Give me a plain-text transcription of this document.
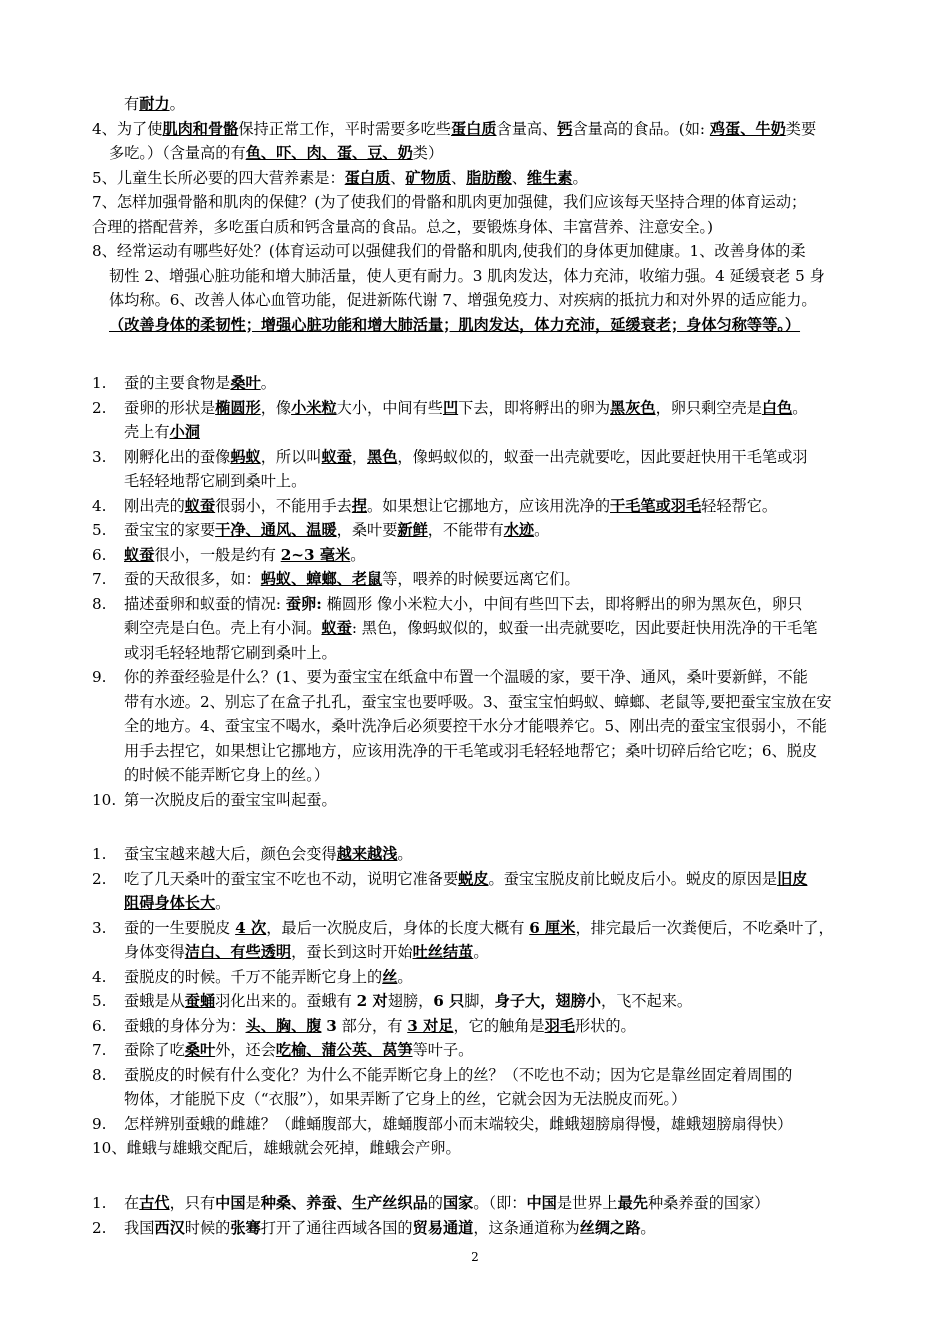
有耐力。
4、为了使肌肉和骨骼保持正常工作，平时需要多吃些蛋白质含量高、钙含量高的食品。(如: 鸡蛋、牛奶类要
多吃。）（含量高的有鱼、吓、肉、蛋、豆、奶类）
5、儿童生长所必要的四大营养素是：蛋白质、矿物质、脂肪酸、维生素。
7、怎样加强骨骼和肌肉的保健？(为了使我们的骨骼和肌肉更加强健，我们应该每天坚持合理的体育运动；
合理的搭配营养，多吃蛋白质和钙含量高的食品。总之，要锻炼身体、丰富营养、注意安全。)
8、经常运动有哪些好处？(体育运动可以强健我们的骨骼和肌肉,使我们的身体更加健康。1、改善身体的柔
韧性 2、增强心脏功能和增大肺活量，使人更有耐力。3 肌肉发达，体力充沛，收缩力强。4 延缓衰老 5 身
体均称。6、改善人体心血管功能，促进新陈代谢 7、增强免疫力、对疾病的抵抗力和对外界的适应能力。
（改善身体的柔韧性；增强心脏功能和增大肺活量；肌肉发达，体力充沛，延缓衰老；身体匀称等等。）
1.	蚕的主要食物是桑叶。
2.	蚕卵的形状是椭圆形，像小米粒大小，中间有些凹下去，即将孵出的卵为黑灰色，卵只剩空壳是白色。
壳上有小洞
3.	刚孵化出的蚕像蚂蚁，所以叫蚁蚕，黑色，像蚂蚁似的，蚁蚕一出壳就要吃，因此要赶快用干毛笔或羽
毛轻轻地帮它刷到桑叶上。
4.	刚出壳的蚁蚕很弱小，不能用手去捏。如果想让它挪地方，应该用洗净的干毛笔或羽毛轻轻帮它。
5.	蚕宝宝的家要干净、通风、温暖，桑叶要新鲜，不能带有水迹。
6.	蚁蚕很小，一般是约有 2~3 毫米。
7.	蚕的天敌很多，如：蚂蚁、蟑螂、老鼠等，喂养的时候要远离它们。
8.	描述蚕卵和蚁蚕的情况: 蚕卵: 椭圆形 像小米粒大小，中间有些凹下去，即将孵出的卵为黑灰色，卵只
剩空壳是白色。壳上有小洞。蚁蚕: 黑色，像蚂蚁似的，蚁蚕一出壳就要吃，因此要赶快用洗净的干毛笔
或羽毛轻轻地帮它刷到桑叶上。
9.	你的养蚕经验是什么？(1、要为蚕宝宝在纸盒中布置一个温暖的家，要干净、通风，桑叶要新鲜，不能
带有水迹。2、别忘了在盒子扎孔，蚕宝宝也要呼吸。3、蚕宝宝怕蚂蚁、蟑螂、老鼠等,要把蚕宝宝放在安
全的地方。4、蚕宝宝不喝水，桑叶洗净后必须要控干水分才能喂养它。5、刚出壳的蚕宝宝很弱小，不能
用手去捏它，如果想让它挪地方，应该用洗净的干毛笔或羽毛轻轻地帮它；桑叶切碎后给它吃；6、脱皮
的时候不能弄断它身上的丝。）
10. 第一次脱皮后的蚕宝宝叫起蚕。
1.	蚕宝宝越来越大后，颜色会变得越来越浅。
2.	吃了几天桑叶的蚕宝宝不吃也不动，说明它准备要蜕皮。蚕宝宝脱皮前比蜕皮后小。蜕皮的原因是旧皮
阻碍身体长大。
3.	蚕的一生要脱皮 4 次，最后一次脱皮后，身体的长度大概有 6 厘米，排完最后一次粪便后，不吃桑叶了，
身体变得洁白、有些透明，蚕长到这时开始吐丝结茧。
4.	蚕脱皮的时候。千万不能弄断它身上的丝。
5.	蚕蛾是从蚕蛹羽化出来的。蚕蛾有 2 对翅膀，6 只脚，身子大，翅膀小，飞不起来。
6.	蚕蛾的身体分为：头、胸、腹 3 部分，有 3 对足，它的触角是羽毛形状的。
7.	蚕除了吃桑叶外，还会吃榆、蒲公英、莴笋等叶子。
8.	蚕脱皮的时候有什么变化？为什么不能弄断它身上的丝？（不吃也不动；因为它是靠丝固定着周围的
物体，才能脱下皮（“衣服”），如果弄断了它身上的丝，它就会因为无法脱皮而死。）
9.	怎样辨别蚕蛾的雌雄？（雌蛹腹部大，雄蛹腹部小而末端较尖，雌蛾翅膀扇得慢，雄蛾翅膀扇得快）
10、雌蛾与雄蛾交配后，雄蛾就会死掉，雌蛾会产卵。
1.	在古代，只有中国是种桑、养蚕、生产丝织品的国家。（即：中国是世界上最先种桑养蚕的国家）
2.	我国西汉时候的张骞打开了通往西域各国的贸易通道，这条通道称为丝绸之路。
2
